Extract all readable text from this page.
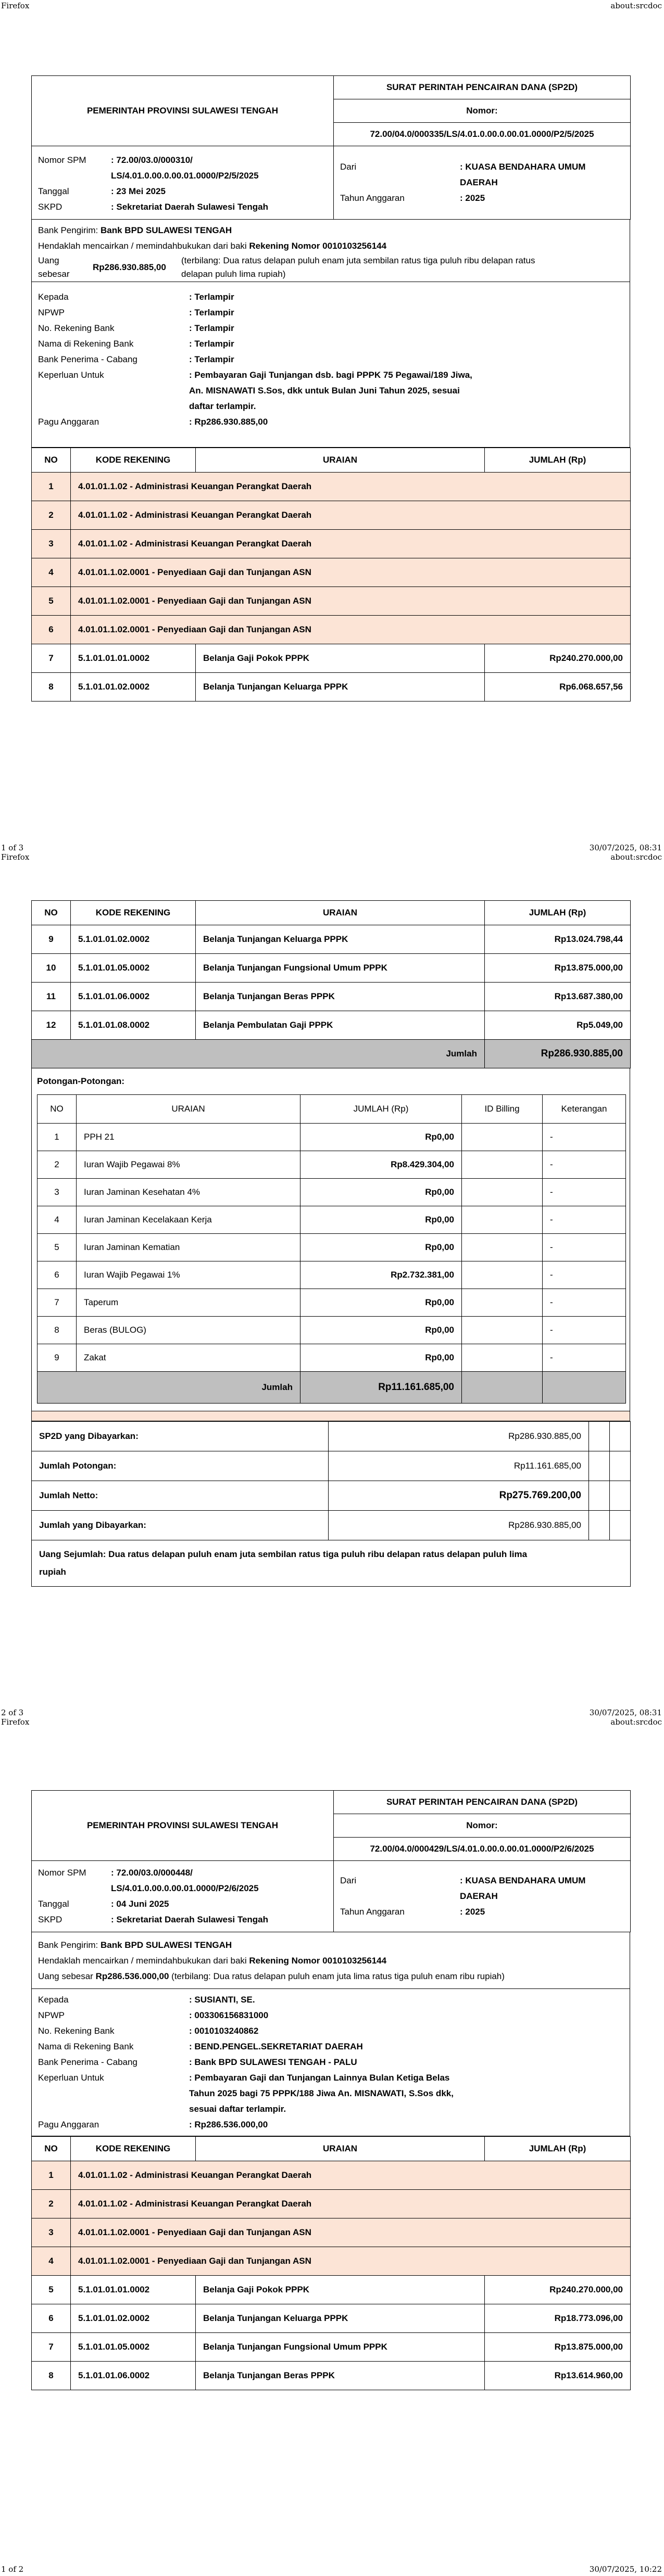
Firefox	about:srcdoc
PEMERINTAH PROVINSI SULAWESI TENGAH	SURAT PERINTAH PENCAIRAN DANA (SP2D)
Nomor:
72.00/04.0/000335/LS/4.01.0.00.0.00.01.0000/P2/5/2025
Nomor SPM	: 72.00/03.0/000310/
LS/4.01.0.00.0.00.01.0000/P2/5/2025
Tanggal	: 23 Mei 2025
SKPD	: Sekretariat Daerah Sulawesi Tengah

Dari	: KUASA BENDAHARA UMUM
DAERAH
Tahun Anggaran	: 2025
Bank Pengirim:
Bank BPD SULAWESI TENGAH
Hendaklah mencairkan / memindahbukukan dari baki
Rekening Nomor
0010103256144
Uang
sebesar
Rp286.930.885,00
(terbilang: Dua ratus delapan puluh enam juta sembilan ratus tiga puluh ribu delapan ratus
delapan puluh lima rupiah)
Kepada	: Terlampir
NPWP	: Terlampir
No. Rekening Bank	: Terlampir
Nama di Rekening Bank	: Terlampir
Bank Penerima - Cabang	: Terlampir
Keperluan Untuk	: Pembayaran Gaji Tunjangan dsb. bagi PPPK 75 Pegawai/189 Jiwa,
An. MISNAWATI S.Sos, dkk untuk Bulan Juni Tahun 2025, sesuai
daftar terlampir.
Pagu Anggaran	: Rp286.930.885,00
NO	KODE REKENING	URAIAN	JUMLAH (Rp)
1	4.01.01.1.02 - Administrasi Keuangan Perangkat Daerah		
2	4.01.01.1.02 - Administrasi Keuangan Perangkat Daerah		
3	4.01.01.1.02 - Administrasi Keuangan Perangkat Daerah		
4	4.01.01.1.02.0001 - Penyediaan Gaji dan Tunjangan ASN		
5	4.01.01.1.02.0001 - Penyediaan Gaji dan Tunjangan ASN		
6	4.01.01.1.02.0001 - Penyediaan Gaji dan Tunjangan ASN		
7	5.1.01.01.01.0002	Belanja Gaji Pokok PPPK	Rp240.270.000,00
8	5.1.01.01.02.0002	Belanja Tunjangan Keluarga PPPK	Rp6.068.657,56
1 of 3	30/07/2025, 08:31
Firefox	about:srcdoc
NO	KODE REKENING	URAIAN	JUMLAH (Rp)
9	5.1.01.01.02.0002	Belanja Tunjangan Keluarga PPPK	Rp13.024.798,44
10	5.1.01.01.05.0002	Belanja Tunjangan Fungsional Umum PPPK	Rp13.875.000,00
11	5.1.01.01.06.0002	Belanja Tunjangan Beras PPPK	Rp13.687.380,00
12	5.1.01.01.08.0002	Belanja Pembulatan Gaji PPPK	Rp5.049,00
Jumlah			Rp286.930.885,00
Potongan-Potongan:
NO	URAIAN	JUMLAH (Rp)	ID Billing	Keterangan
1	PPH 21	Rp0,00		-
2	Iuran Wajib Pegawai 8%	Rp8.429.304,00		-
3	Iuran Jaminan Kesehatan 4%	Rp0,00		-
4	Iuran Jaminan Kecelakaan Kerja	Rp0,00		-
5	Iuran Jaminan Kematian	Rp0,00		-
6	Iuran Wajib Pegawai 1%	Rp2.732.381,00		-
7	Taperum	Rp0,00		-
8	Beras (BULOG)	Rp0,00		-
9	Zakat	Rp0,00		-
Jumlah		Rp11.161.685,00		
SP2D yang Dibayarkan:	Rp286.930.885,00		
Jumlah Potongan:	Rp11.161.685,00		
Jumlah Netto:	Rp275.769.200,00		
Jumlah yang Dibayarkan:	Rp286.930.885,00		

Uang Sejumlah: Dua ratus delapan puluh enam juta sembilan ratus tiga puluh ribu delapan ratus delapan puluh lima
rupiah			
2 of 3	30/07/2025, 08:31
Firefox	about:srcdoc
PEMERINTAH PROVINSI SULAWESI TENGAH	SURAT PERINTAH PENCAIRAN DANA (SP2D)
Nomor:
72.00/04.0/000429/LS/4.01.0.00.0.00.01.0000/P2/6/2025
Nomor SPM	: 72.00/03.0/000448/
LS/4.01.0.00.0.00.01.0000/P2/6/2025
Tanggal	: 04 Juni 2025
SKPD	: Sekretariat Daerah Sulawesi Tengah

Dari	: KUASA BENDAHARA UMUM
DAERAH
Tahun Anggaran	: 2025
Bank Pengirim:
Bank BPD SULAWESI TENGAH
Hendaklah mencairkan / memindahbukukan dari baki
Rekening Nomor
0010103256144
Uang sebesar
Rp286.536.000,00
(terbilang: Dua ratus delapan puluh enam juta lima ratus tiga puluh enam ribu rupiah)
Kepada	: SUSIANTI, SE.
NPWP	: 003306156831000
No. Rekening Bank	: 0010103240862
Nama di Rekening Bank	: BEND.PENGEL.SEKRETARIAT DAERAH
Bank Penerima - Cabang	: Bank BPD SULAWESI TENGAH - PALU
Keperluan Untuk	: Pembayaran Gaji dan Tunjangan Lainnya Bulan Ketiga Belas
Tahun 2025 bagi 75 PPPK/188 Jiwa An. MISNAWATI, S.Sos dkk,
sesuai daftar terlampir.
Pagu Anggaran	: Rp286.536.000,00
NO	KODE REKENING	URAIAN	JUMLAH (Rp)
1	4.01.01.1.02 - Administrasi Keuangan Perangkat Daerah		
2	4.01.01.1.02 - Administrasi Keuangan Perangkat Daerah		
3	4.01.01.1.02.0001 - Penyediaan Gaji dan Tunjangan ASN		
4	4.01.01.1.02.0001 - Penyediaan Gaji dan Tunjangan ASN		
5	5.1.01.01.01.0002	Belanja Gaji Pokok PPPK	Rp240.270.000,00
6	5.1.01.01.02.0002	Belanja Tunjangan Keluarga PPPK	Rp18.773.096,00
7	5.1.01.01.05.0002	Belanja Tunjangan Fungsional Umum PPPK	Rp13.875.000,00
8	5.1.01.01.06.0002	Belanja Tunjangan Beras PPPK	Rp13.614.960,00
1 of 2	30/07/2025, 10:22
